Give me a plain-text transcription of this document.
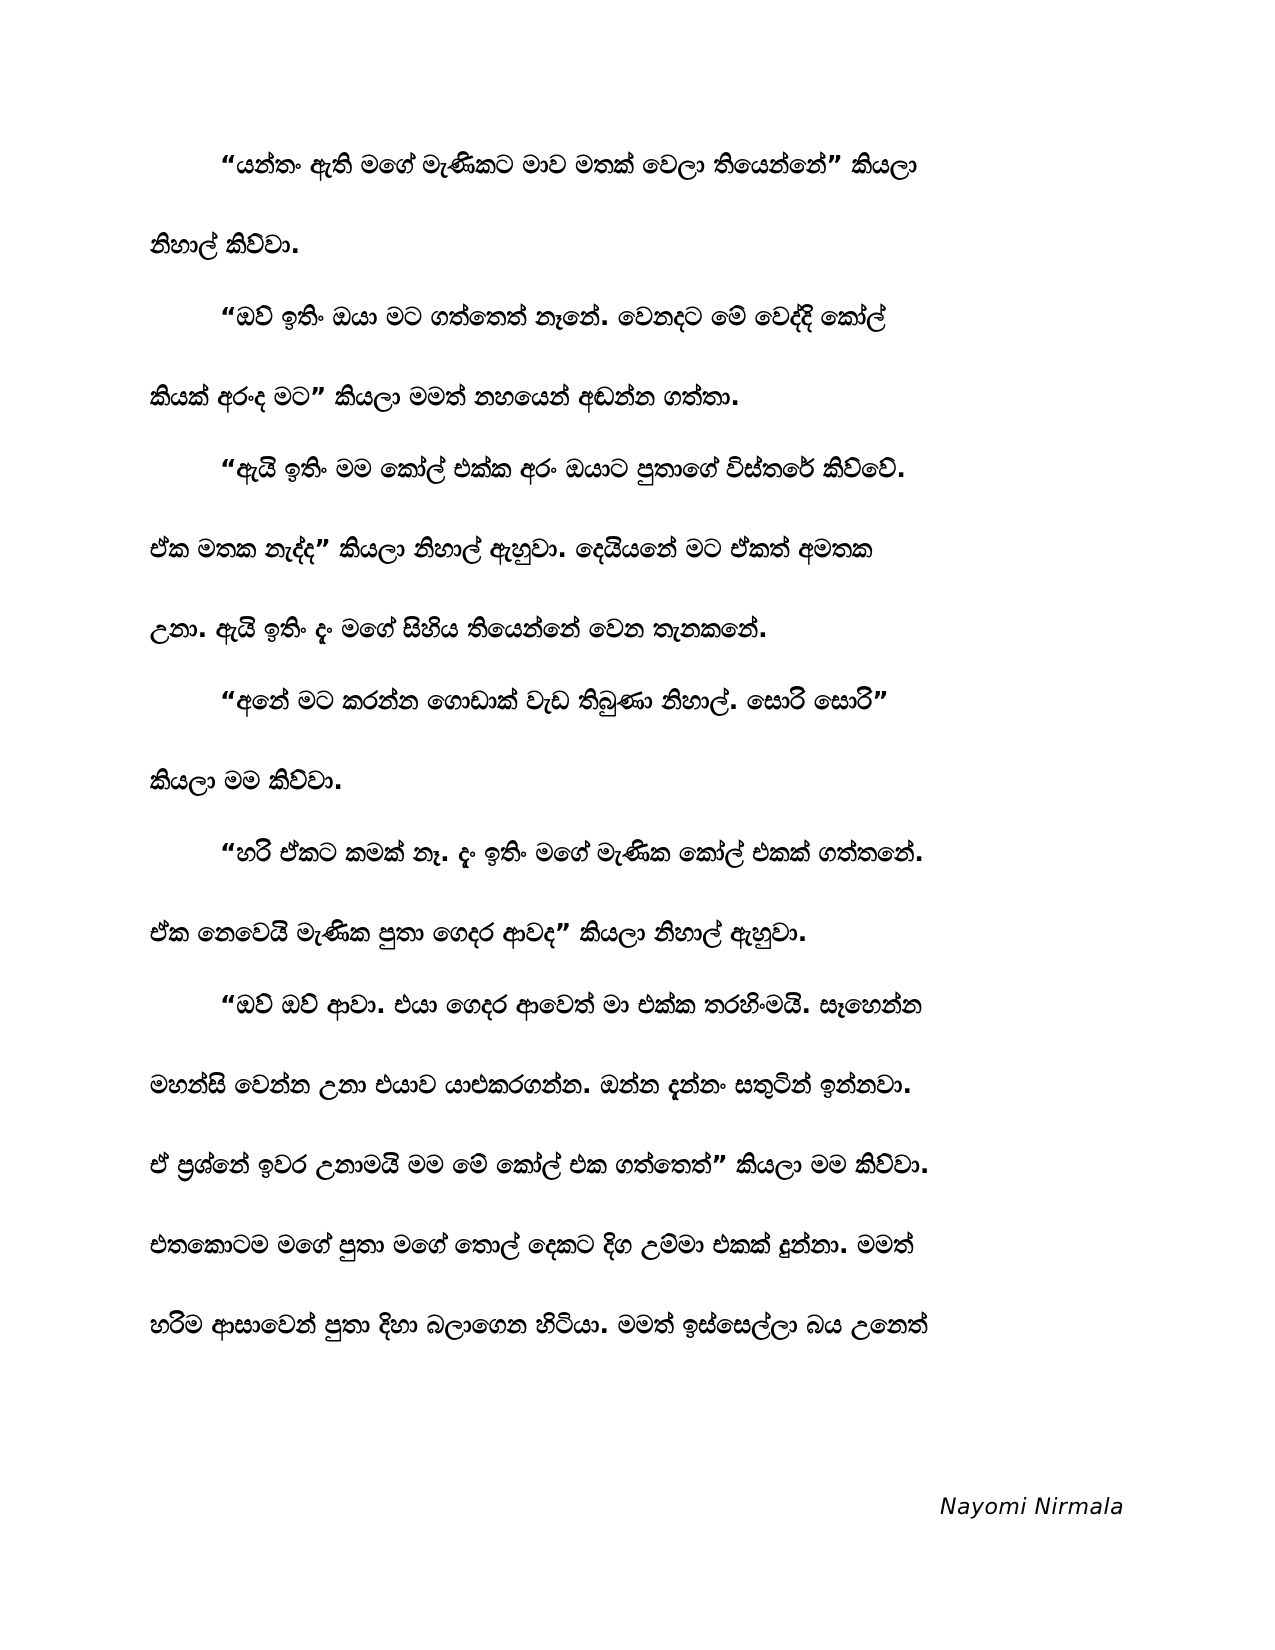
“යන්තං ඇති මගේ මැණිකට මාව මතක් වෙලා තියෙන්නේ” කියලා
නිහාල් කිව්වා.
“ඔව් ඉතිං ඔයා මට ගත්තෙත් නෑනේ. වෙනදට මේ වෙද්දි කෝල්
කියක් අරංද මට” කියලා මමත් නහයෙන් අඬන්න ගත්තා.
“ඇයි ඉතිං මම කෝල් එක්ක අරං ඔයාට පුතාගේ විස්තරේ කිව්වේ.
ඒක මතක නැද්ද” කියලා නිහාල් ඇහුවා. දෙයියනේ මට ඒකත් අමතක
උනා. ඇයි ඉතිං දැං මගේ සිහිය තියෙන්නේ වෙන තැනකනේ.
“අනේ මට කරන්න ගොඩාක් වැඩ තිබුණා නිහාල්. සොරි සොරි”
කියලා මම කිව්වා.
“හරි ඒකට කමක් නෑ. දැං ඉතිං මගේ මැණික කෝල් එකක් ගත්තනේ.
ඒක නෙවෙයි මැණික පුතා ගෙදර ආවද” කියලා නිහාල් ඇහුවා.
“ඔව් ඔව් ආවා. එයා ගෙදර ආවෙත් මා එක්ක තරහිංමයි. සෑහෙන්න
මහන්සි වෙන්න උනා එයාව යාළුකරගන්න. ඔන්න දැන්නං සතුටින් ඉන්නවා.
ඒ ප්‍රශ්නේ ඉවර උනාමයි මම මේ කෝල් එක ගත්තෙත්” කියලා මම කිව්වා.
එතකොටම මගේ පුතා මගේ තොල් දෙකට දිග උම්මා එකක් දුන්නා. මමත්
හරිම ආසාවෙන් පුතා දිහා බලාගෙන හිටියා. මමත් ඉස්සෙල්ලා බය උනෙත්
Nayomi Nirmala
